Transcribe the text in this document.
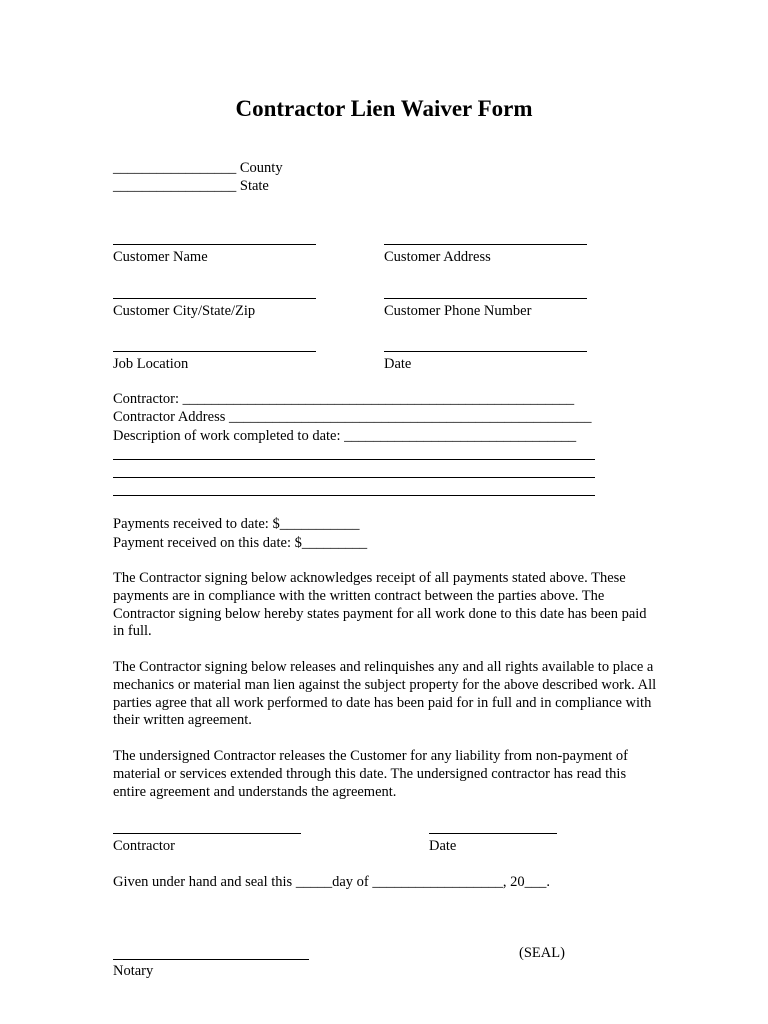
Contractor Lien Waiver Form
_________________ County
_________________ State
Customer Name	Customer Address
Customer City/State/Zip	Customer Phone Number
Job Location	Date
Contractor: ______________________________________________________
Contractor Address __________________________________________________
Description of work completed to date: ________________________________
Payments received to date: $___________
Payment received on this date: $_________
The Contractor signing below acknowledges receipt of all payments stated above. These payments are in compliance with the written contract between the parties above. The Contractor signing below hereby states payment for all work done to this date has been paid in full.
The Contractor signing below releases and relinquishes any and all rights available to place a mechanics or material man lien against the subject property for the above described work. All parties agree that all work performed to date has been paid for in full and in compliance with their written agreement.
The undersigned Contractor releases the Customer for any liability from non-payment of material or services extended through this date. The undersigned contractor has read this entire agreement and understands the agreement.
Contractor	Date
Given under hand and seal this _____day of __________________, 20___.
(SEAL)
Notary
